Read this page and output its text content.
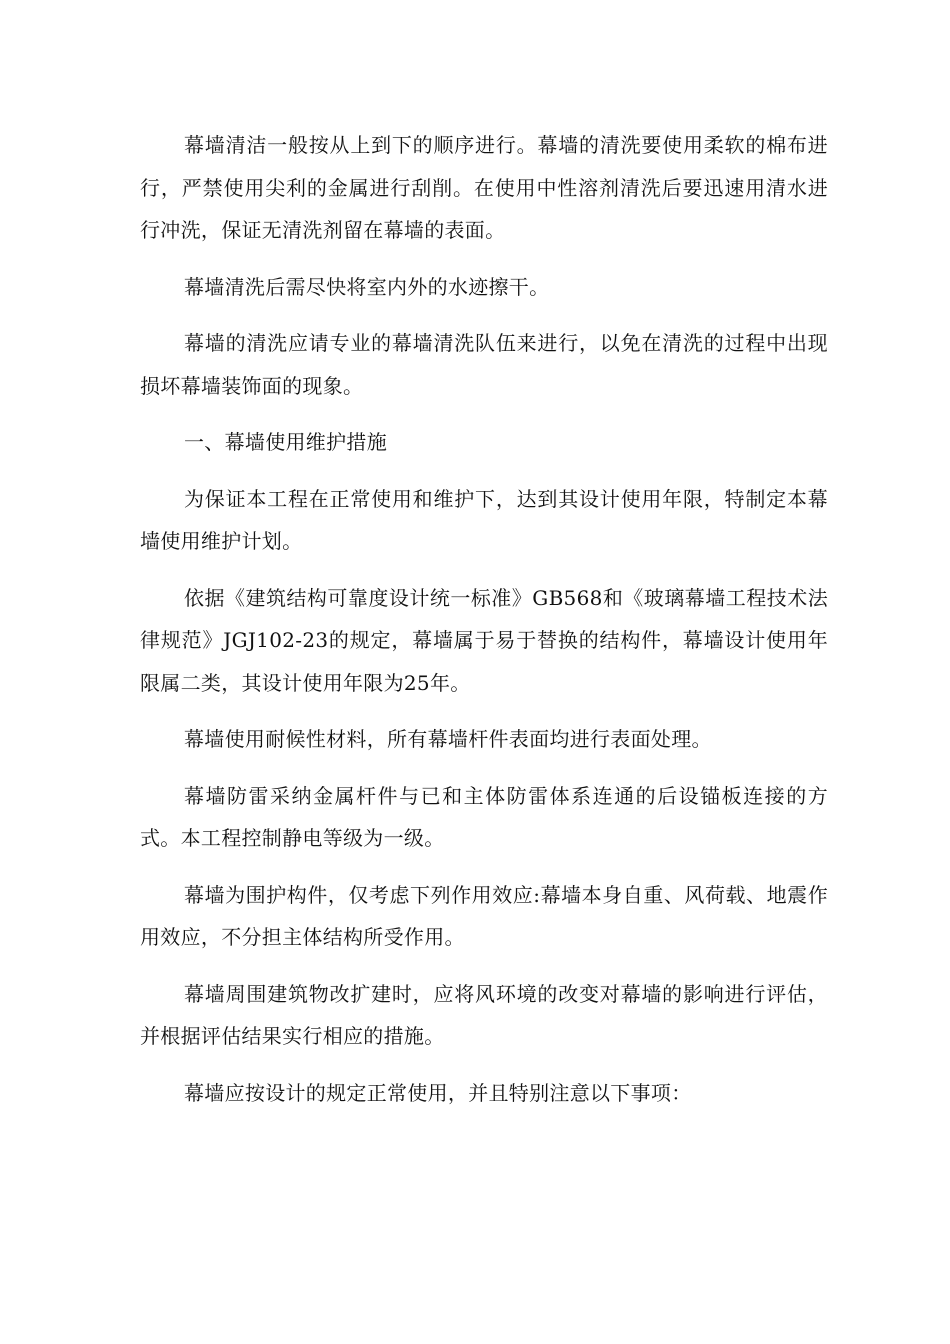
幕墙清洁一般按从上到下的顺序进行。幕墙的清洗要使用柔软的棉布进行，严禁使用尖利的金属进行刮削。在使用中性溶剂清洗后要迅速用清水进行冲洗，保证无清洗剂留在幕墙的表面。

幕墙清洗后需尽快将室内外的水迹擦干。

幕墙的清洗应请专业的幕墙清洗队伍来进行，以免在清洗的过程中出现损坏幕墙装饰面的现象。

一、幕墙使用维护措施

为保证本工程在正常使用和维护下，达到其设计使用年限，特制定本幕墙使用维护计划。

依据《建筑结构可靠度设计统一标准》GB568和《玻璃幕墙工程技术法律规范》JGJ102-23的规定，幕墙属于易于替换的结构件，幕墙设计使用年限属二类，其设计使用年限为25年。

幕墙使用耐候性材料，所有幕墙杆件表面均进行表面处理。

幕墙防雷采纳金属杆件与已和主体防雷体系连通的后设锚板连接的方式。本工程控制静电等级为一级。

幕墙为围护构件，仅考虑下列作用效应:幕墙本身自重、风荷载、地震作用效应，不分担主体结构所受作用。

幕墙周围建筑物改扩建时，应将风环境的改变对幕墙的影响进行评估，并根据评估结果实行相应的措施。

幕墙应按设计的规定正常使用，并且特别注意以下事项：
